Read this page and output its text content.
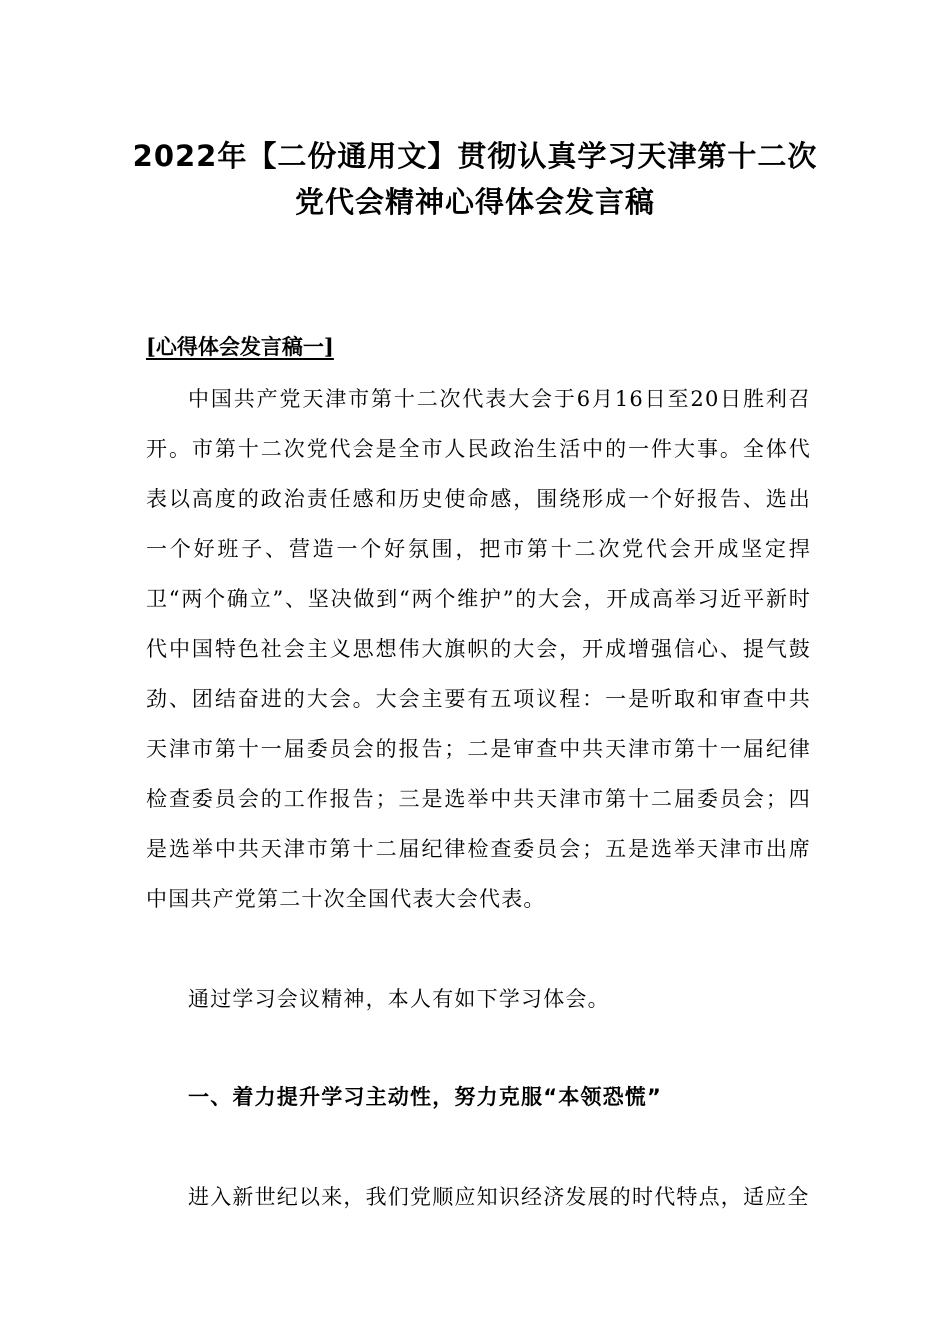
2022年【二份通用文】贯彻认真学习天津第十二次
党代会精神心得体会发言稿
[心得体会发言稿一]
中国共产党天津市第十二次代表大会于6月16日至20日胜利召开。市第十二次党代会是全市人民政治生活中的一件大事。全体代表以高度的政治责任感和历史使命感，围绕形成一个好报告、选出一个好班子、营造一个好氛围，把市第十二次党代会开成坚定捍卫“两个确立”、坚决做到“两个维护”的大会，开成高举习近平新时代中国特色社会主义思想伟大旗帜的大会，开成增强信心、提气鼓劲、团结奋进的大会。大会主要有五项议程：一是听取和审查中共天津市第十一届委员会的报告；二是审查中共天津市第十一届纪律检查委员会的工作报告；三是选举中共天津市第十二届委员会；四是选举中共天津市第十二届纪律检查委员会；五是选举天津市出席中国共产党第二十次全国代表大会代表。
通过学习会议精神，本人有如下学习体会。
一、着力提升学习主动性，努力克服“本领恐慌”
进入新世纪以来，我们党顺应知识经济发展的时代特点，适应全
